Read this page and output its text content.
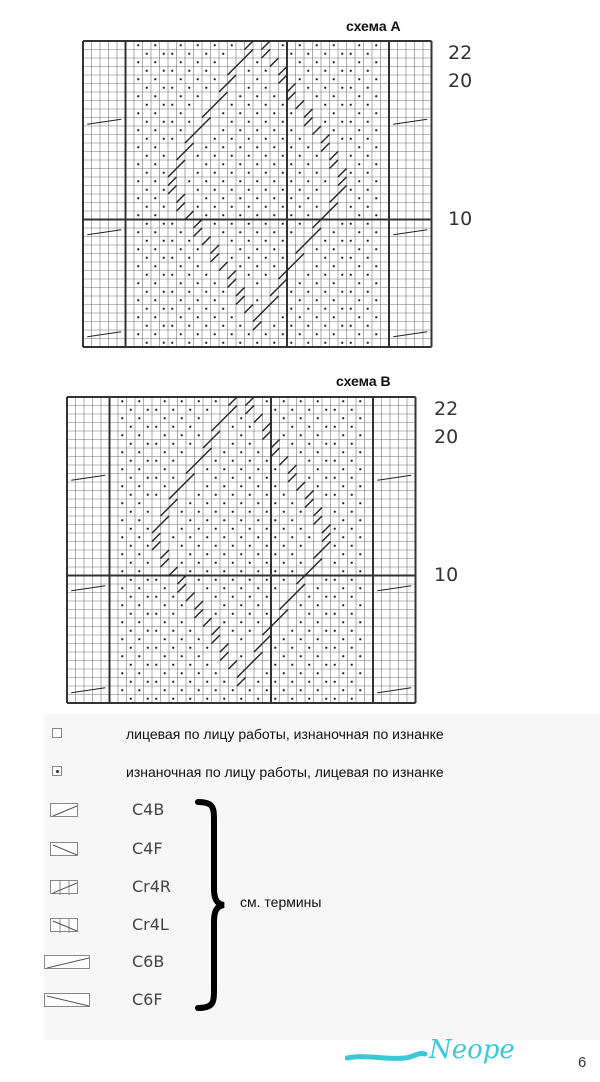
схема А
22
20
10
схема В
22
20
10
лицевая по лицу работы, изнаночная по изнанке
изнаночная по лицу работы, лицевая по изнанке
C4B
C4F
Cr4R
Cr4L
C6B
C6F
см. термины
Neope	6
